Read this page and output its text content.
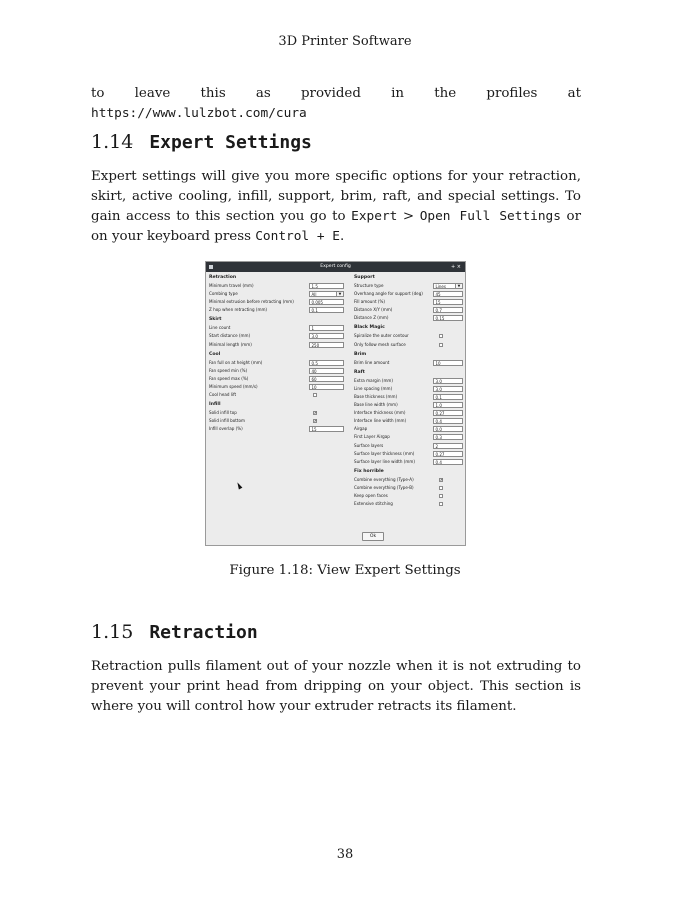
3D Printer Software

to leave this as provided in the profiles at https://www.lulzbot.com/cura

1.14 Expert Settings

Expert settings will give you more specific options for your retraction, skirt, active cooling, infill, support, brim, raft, and special settings. To gain access to this section you go to Expert > Open Full Settings or on your keyboard press Control + E.

Expert config	+ ×
Retraction
Minimum travel (mm)	1.5
Combing type	All	▼
Minimal extrusion before retracting (mm)	0.005
Z hop when retracting (mm)	0.1
Skirt
Line count	1
Start distance (mm)	3.0
Minimal length (mm)	250
Cool
Fan full on at height (mm)	0.5
Fan speed min (%)	40
Fan speed max (%)	60
Minimum speed (mm/s)	10
Cool head lift
Infill
Solid infill top	✔
Solid infill bottom	✔
Infill overlap (%)	15
Support
Structure type	Lines	▼
Overhang angle for support (deg)	45
Fill amount (%)	15
Distance X/Y (mm)	0.7
Distance Z (mm)	0.15
Black Magic
Spiralize the outer contour
Only follow mesh surface
Brim
Brim line amount	10
Raft
Extra margin (mm)	3.0
Line spacing (mm)	3.0
Base thickness (mm)	0.1
Base line width (mm)	1.0
Interface thickness (mm)	0.27
Interface line width (mm)	0.4
Airgap	0.0
First Layer Airgap	0.3
Surface layers	2
Surface layer thickness (mm)	0.27
Surface layer line width (mm)	0.4
Fix horrible
Combine everything (Type-A)	✔
Combine everything (Type-B)
Keep open faces
Extensive stitching
Ok
Figure 1.18: View Expert Settings
1.15 Retraction

Retraction pulls filament out of your nozzle when it is not extruding to prevent your print head from dripping on your object. This section is where you will control how your extruder retracts its filament.

38
